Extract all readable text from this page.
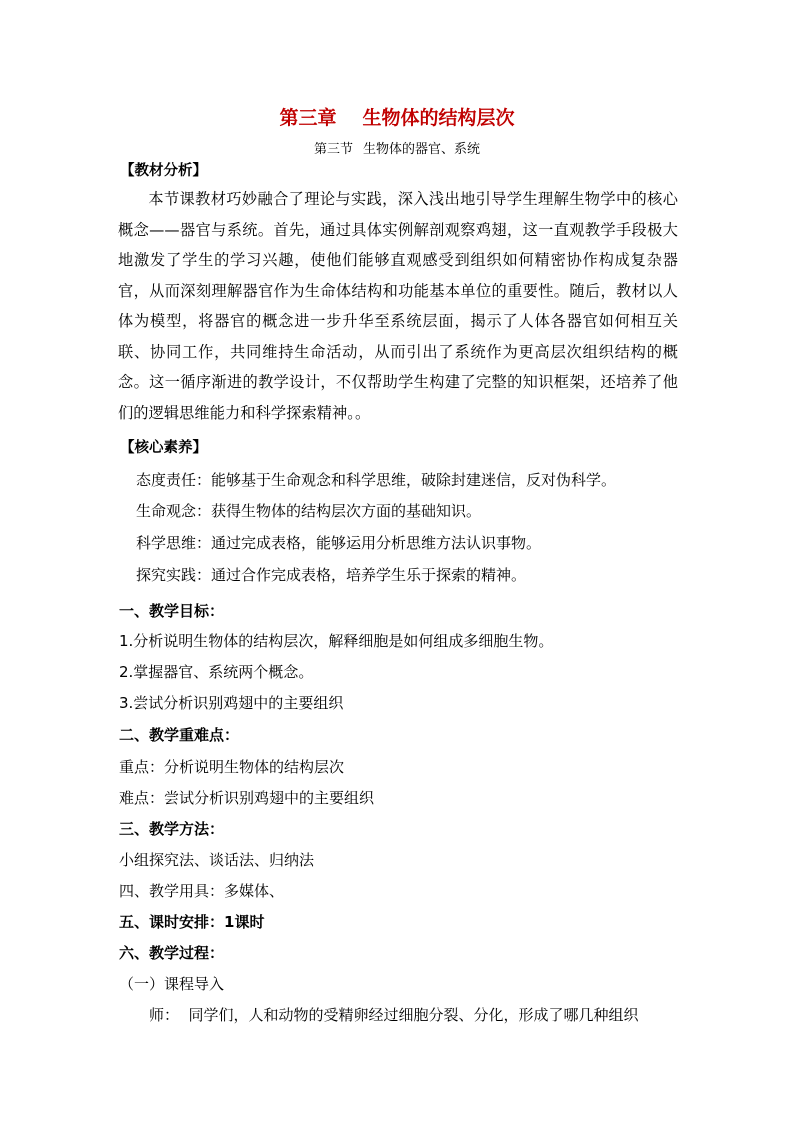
第三章 生物体的结构层次
第三节 生物体的器官、系统
【教材分析】
本节课教材巧妙融合了理论与实践，深入浅出地引导学生理解生物学中的核心概念——器官与系统。首先，通过具体实例解剖观察鸡翅，这一直观教学手段极大地激发了学生的学习兴趣，使他们能够直观感受到组织如何精密协作构成复杂器官，从而深刻理解器官作为生命体结构和功能基本单位的重要性。随后，教材以人体为模型，将器官的概念进一步升华至系统层面，揭示了人体各器官如何相互关联、协同工作，共同维持生命活动，从而引出了系统作为更高层次组织结构的概念。这一循序渐进的教学设计，不仅帮助学生构建了完整的知识框架，还培养了他们的逻辑思维能力和科学探索精神。。
【核心素养】
态度责任：能够基于生命观念和科学思维，破除封建迷信，反对伪科学。
生命观念：获得生物体的结构层次方面的基础知识。
科学思维：通过完成表格，能够运用分析思维方法认识事物。
探究实践：通过合作完成表格，培养学生乐于探索的精神。
一、教学目标：
1.分析说明生物体的结构层次，解释细胞是如何组成多细胞生物。
2.掌握器官、系统两个概念。
3.尝试分析识别鸡翅中的主要组织
二、教学重难点：
重点：分析说明生物体的结构层次
难点：尝试分析识别鸡翅中的主要组织
三、教学方法：
小组探究法、谈话法、归纳法
四、教学用具：多媒体、
五、课时安排：1课时
六、教学过程：
（一）课程导入
师：  同学们，人和动物的受精卵经过细胞分裂、分化，形成了哪几种组织
